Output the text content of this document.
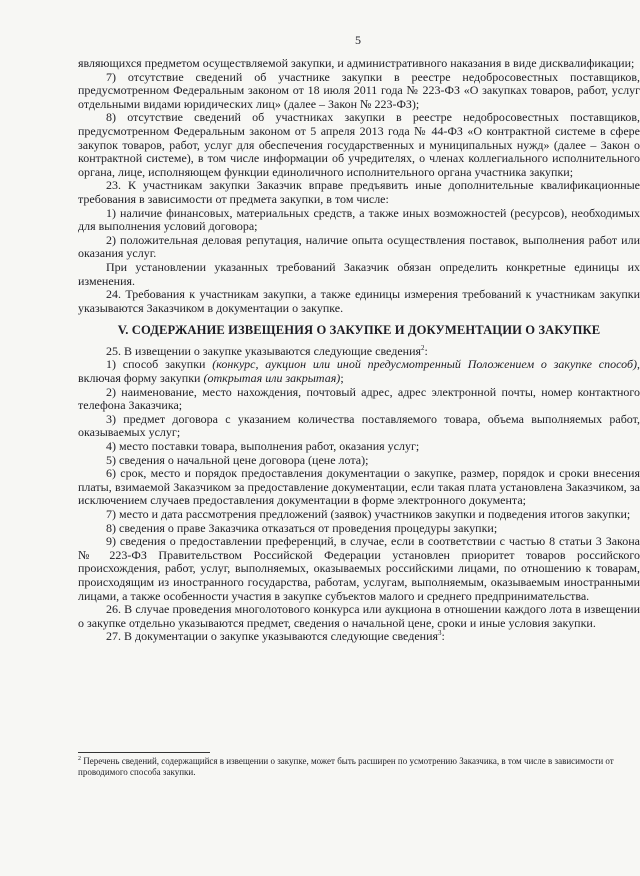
5

являющихся предметом осуществляемой закупки, и административного наказания в виде дисквалификации;

7) отсутствие сведений об участнике закупки в реестре недобросовестных поставщиков, предусмотренном Федеральным законом от 18 июля 2011 года № 223-ФЗ «О закупках товаров, работ, услуг отдельными видами юридических лиц» (далее – Закон № 223-ФЗ);

8) отсутствие сведений об участниках закупки в реестре недобросовестных поставщиков, предусмотренном Федеральным законом от 5 апреля 2013 года № 44-ФЗ «О контрактной системе в сфере закупок товаров, работ, услуг для обеспечения государственных и муниципальных нужд» (далее – Закон о контрактной системе), в том числе информации об учредителях, о членах коллегиального исполнительного органа, лице, исполняющем функции единоличного исполнительного органа участника закупки;

23. К участникам закупки Заказчик вправе предъявить иные дополнительные квалификационные требования в зависимости от предмета закупки, в том числе:

1) наличие финансовых, материальных средств, а также иных возможностей (ресурсов), необходимых для выполнения условий договора;

2) положительная деловая репутация, наличие опыта осуществления поставок, выполнения работ или оказания услуг.

При установлении указанных требований Заказчик обязан определить конкретные единицы их изменения.

24. Требования к участникам закупки, а также единицы измерения требований к участникам закупки указываются Заказчиком в документации о закупке.

V. СОДЕРЖАНИЕ ИЗВЕЩЕНИЯ О ЗАКУПКЕ И ДОКУМЕНТАЦИИ О ЗАКУПКЕ

25. В извещении о закупке указываются следующие сведения$^2$:

1) способ закупки (конкурс, аукцион или иной предусмотренный Положением о закупке способ), включая форму закупки (открытая или закрытая);

2) наименование, место нахождения, почтовый адрес, адрес электронной почты, номер контактного телефона Заказчика;

3) предмет договора с указанием количества поставляемого товара, объема выполняемых работ, оказываемых услуг;

4) место поставки товара, выполнения работ, оказания услуг;

5) сведения о начальной цене договора (цене лота);

6) срок, место и порядок предоставления документации о закупке, размер, порядок и сроки внесения платы, взимаемой Заказчиком за предоставление документации, если такая плата установлена Заказчиком, за исключением случаев предоставления документации в форме электронного документа;

7) место и дата рассмотрения предложений (заявок) участников закупки и подведения итогов закупки;

8) сведения о праве Заказчика отказаться от проведения процедуры закупки;

9) сведения о предоставлении преференций, в случае, если в соответствии с частью 8 статьи 3 Закона № 223-ФЗ Правительством Российской Федерации установлен приоритет товаров российского происхождения, работ, услуг, выполняемых, оказываемых российскими лицами, по отношению к товарам, происходящим из иностранного государства, работам, услугам, выполняемым, оказываемым иностранными лицами, а также особенности участия в закупке субъектов малого и среднего предпринимательства.

26. В случае проведения многолотового конкурса или аукциона в отношении каждого лота в извещении о закупке отдельно указываются предмет, сведения о начальной цене, сроки и иные условия закупки.

27. В документации о закупке указываются следующие сведения$^3$:

$^2$ Перечень сведений, содержащийся в извещении о закупке, может быть расширен по усмотрению Заказчика, в том числе в зависимости от проводимого способа закупки.
